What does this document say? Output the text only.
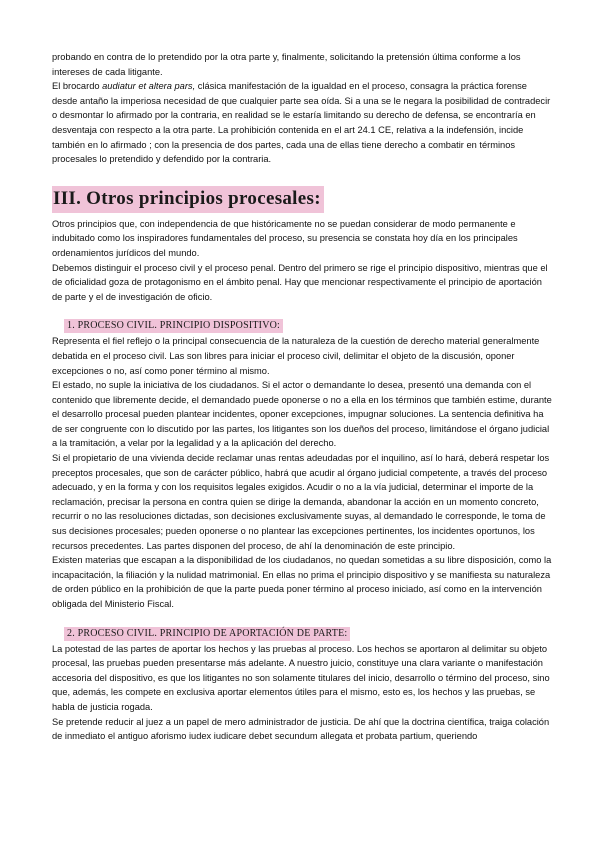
probando en contra de lo pretendido por la otra parte y, finalmente, solicitando la pretensión última conforme a los intereses de cada litigante.

El brocardo audiatur et altera pars, clásica manifestación de la igualdad en el proceso, consagra la práctica forense desde antaño la imperiosa necesidad de que cualquier parte sea oída. Si a una se le negara la posibilidad de contradecir o desmontar lo afirmado por la contraria, en realidad se le estaría limitando su derecho de defensa, se encontraría en desventaja con respecto a la otra parte. La prohibición contenida en el art 24.1 CE, relativa a la indefensión, incide también en lo afirmado ; con la presencia de dos partes, cada una de ellas tiene derecho a combatir en términos procesales lo pretendido y defendido por la contraria.

III. Otros principios procesales:

Otros principios que, con independencia de que históricamente no se puedan considerar de modo permanente e indubitado como los inspiradores fundamentales del proceso, su presencia se constata hoy día en los principales ordenamientos jurídicos del mundo.

Debemos distinguir el proceso civil y el proceso penal. Dentro del primero se rige el principio dispositivo, mientras que el de oficialidad goza de protagonismo en el ámbito penal. Hay que mencionar respectivamente el principio de aportación de parte y el de investigación de oficio.

1. PROCESO CIVIL. PRINCIPIO DISPOSITIVO:

Representa el fiel reflejo o la principal consecuencia de la naturaleza de la cuestión de derecho material generalmente debatida en el proceso civil. Las son libres para iniciar el proceso civil, delimitar el objeto de la discusión, oponer excepciones o no, así como poner término al mismo.

El estado, no suple la iniciativa de los ciudadanos. Si el actor o demandante lo desea, presentó una demanda con el contenido que libremente decide, el demandado puede oponerse o no a ella en los términos que también estime, durante el desarrollo procesal pueden plantear incidentes, oponer excepciones, impugnar soluciones. La sentencia definitiva ha de ser congruente con lo discutido por las partes, los litigantes son los dueños del proceso, limitándose el órgano judicial a la tramitación, a velar por la legalidad y a la aplicación del derecho.

Si el propietario de una vivienda decide reclamar unas rentas adeudadas por el inquilino, así lo hará, deberá respetar los preceptos procesales, que son de carácter público, habrá que acudir al órgano judicial competente, a través del proceso adecuado, y en la forma y con los requisitos legales exigidos. Acudir o no a la vía judicial, determinar el importe de la reclamación, precisar la persona en contra quien se dirige la demanda, abandonar la acción en un momento concreto, recurrir o no las resoluciones dictadas, son decisiones exclusivamente suyas, al demandado le corresponde, le toma de sus decisiones procesales; pueden oponerse o no plantear las excepciones pertinentes, los incidentes oportunos, los recursos precedentes. Las partes disponen del proceso, de ahí la denominación de este principio.

Existen materias que escapan a la disponibilidad de los ciudadanos, no quedan sometidas a su libre disposición, como la incapacitación, la filiación y la nulidad matrimonial. En ellas no prima el principio dispositivo y se manifiesta su naturaleza de orden público en la prohibición de que la parte pueda poner término al proceso iniciado, así como en la intervención obligada del Ministerio Fiscal.

2. PROCESO CIVIL. PRINCIPIO DE APORTACIÓN DE PARTE:

La potestad de las partes de aportar los hechos y las pruebas al proceso. Los hechos se aportaron al delimitar su objeto procesal, las pruebas pueden presentarse más adelante. A nuestro juicio, constituye una clara variante o manifestación accesoria del dispositivo, es que los litigantes no son solamente titulares del inicio, desarrollo o término del proceso, sino que, además, les compete en exclusiva aportar elementos útiles para el mismo, esto es, los hechos y las pruebas, se habla de justicia rogada.

Se pretende reducir al juez a un papel de mero administrador de justicia. De ahí que la doctrina científica, traiga colación de inmediato el antiguo aforismo iudex iudicare debet secundum allegata et probata partium, queriendo
